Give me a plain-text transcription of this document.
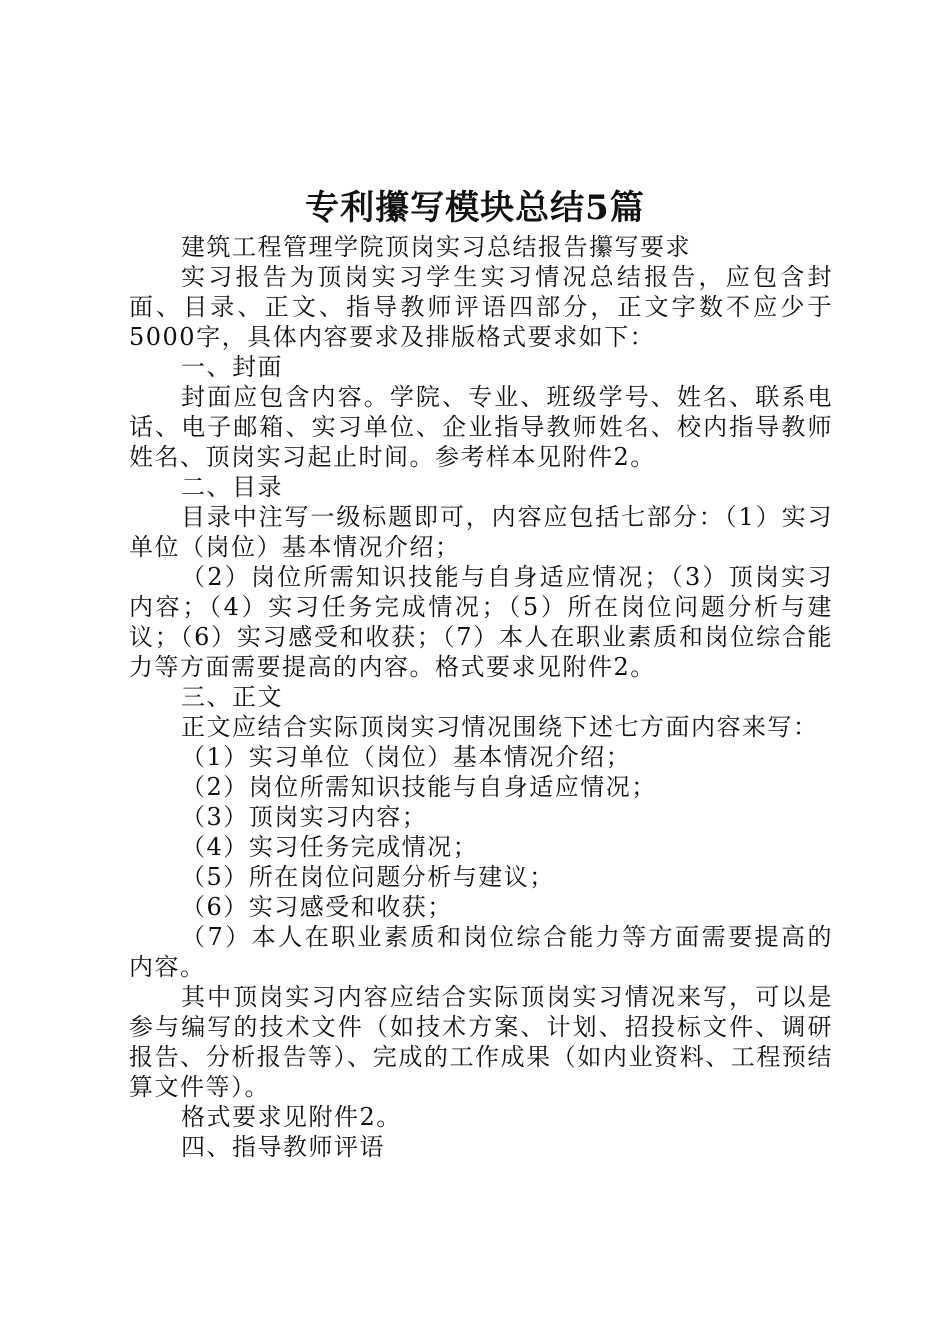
专利攥写模块总结5篇

建筑工程管理学院顶岗实习总结报告攥写要求

实习报告为顶岗实习学生实习情况总结报告，应包含封面、目录、正文、指导教师评语四部分，正文字数不应少于5000字，具体内容要求及排版格式要求如下：

一、封面

封面应包含内容。学院、专业、班级学号、姓名、联系电话、电子邮箱、实习单位、企业指导教师姓名、校内指导教师姓名、顶岗实习起止时间。参考样本见附件2。

二、目录

目录中注写一级标题即可，内容应包括七部分：（1）实习单位（岗位）基本情况介绍；

（2）岗位所需知识技能与自身适应情况；（3）顶岗实习内容；（4）实习任务完成情况；（5）所在岗位问题分析与建议；（6）实习感受和收获；（7）本人在职业素质和岗位综合能力等方面需要提高的内容。格式要求见附件2。

三、正文

正文应结合实际顶岗实习情况围绕下述七方面内容来写：

（1）实习单位（岗位）基本情况介绍；

（2）岗位所需知识技能与自身适应情况；

（3）顶岗实习内容；

（4）实习任务完成情况；

（5）所在岗位问题分析与建议；

（6）实习感受和收获；

（7）本人在职业素质和岗位综合能力等方面需要提高的内容。

其中顶岗实习内容应结合实际顶岗实习情况来写，可以是参与编写的技术文件（如技术方案、计划、招投标文件、调研报告、分析报告等）、完成的工作成果（如内业资料、工程预结算文件等）。

格式要求见附件2。

四、指导教师评语
